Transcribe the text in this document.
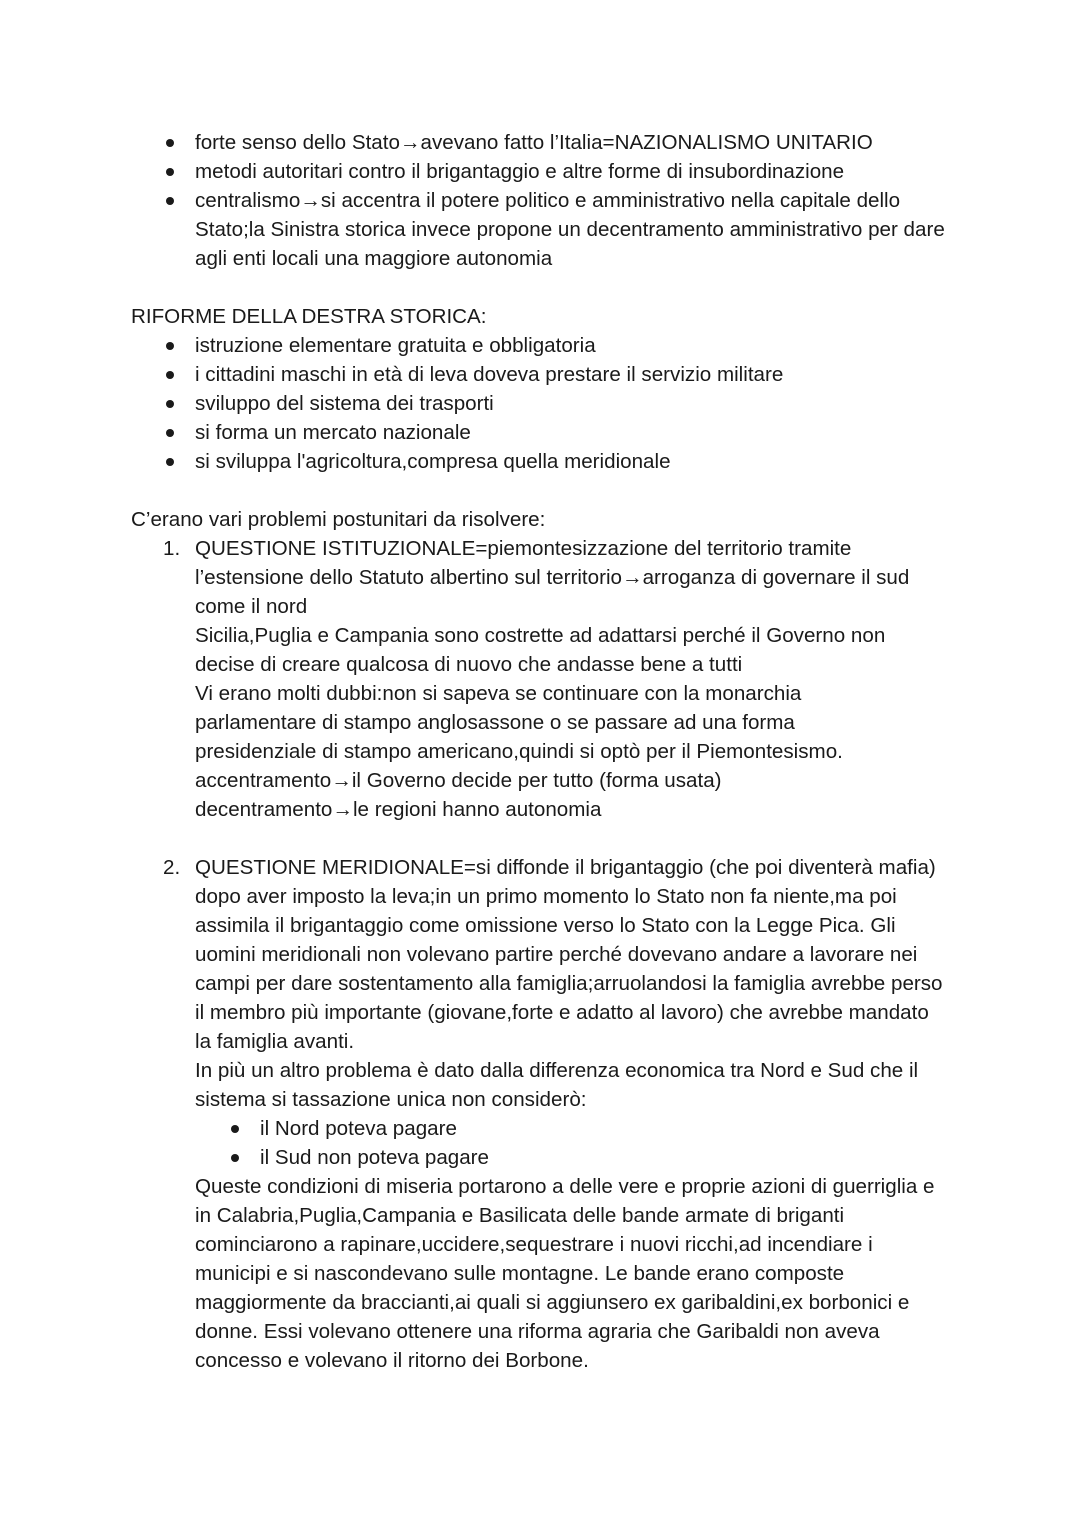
forte senso dello Stato→avevano fatto l’Italia=NAZIONALISMO UNITARIO
metodi autoritari contro il brigantaggio e altre forme di insubordinazione
centralismo→si accentra il potere politico e amministrativo nella capitale dello Stato;la Sinistra storica invece propone un decentramento amministrativo per dare agli enti locali una maggiore autonomia
RIFORME DELLA DESTRA STORICA:
istruzione elementare gratuita e obbligatoria
i cittadini maschi in età di leva doveva prestare il servizio militare
sviluppo del sistema dei trasporti
si forma un mercato nazionale
si sviluppa l'agricoltura,compresa quella meridionale
C’erano vari problemi postunitari da risolvere:
1. QUESTIONE ISTITUZIONALE=piemontesizzazione del territorio tramite l’estensione dello Statuto albertino sul territorio→arroganza di governare il sud come il nord

Sicilia,Puglia e Campania sono costrette ad adattarsi perché il Governo non decise di creare qualcosa di nuovo che andasse bene a tutti

Vi erano molti dubbi:non si sapeva se continuare con la monarchia parlamentare di stampo anglosassone o se passare ad una forma presidenziale di stampo americano,quindi si optò per il Piemontesismo.

accentramento→il Governo decide per tutto (forma usata)

decentramento→le regioni hanno autonomia

2. QUESTIONE MERIDIONALE=si diffonde il brigantaggio (che poi diventerà mafia) dopo aver imposto la leva;in un primo momento lo Stato non fa niente,ma poi assimila il brigantaggio come omissione verso lo Stato con la Legge Pica. Gli uomini meridionali non volevano partire perché dovevano andare a lavorare nei campi per dare sostentamento alla famiglia;arruolandosi la famiglia avrebbe perso il membro più importante (giovane,forte e adatto al lavoro) che avrebbe mandato la famiglia avanti.

In più un altro problema è dato dalla differenza economica tra Nord e Sud che il sistema si tassazione unica non considerò:

il Nord poteva pagare
il Sud non poteva pagare

Queste condizioni di miseria portarono a delle vere e proprie azioni di guerriglia e in Calabria,Puglia,Campania e Basilicata delle bande armate di briganti cominciarono a rapinare,uccidere,sequestrare i nuovi ricchi,ad incendiare i municipi e si nascondevano sulle montagne. Le bande erano composte maggiormente da braccianti,ai quali si aggiunsero ex garibaldini,ex borbonici e donne. Essi volevano ottenere una riforma agraria che Garibaldi non aveva concesso e volevano il ritorno dei Borbone.
